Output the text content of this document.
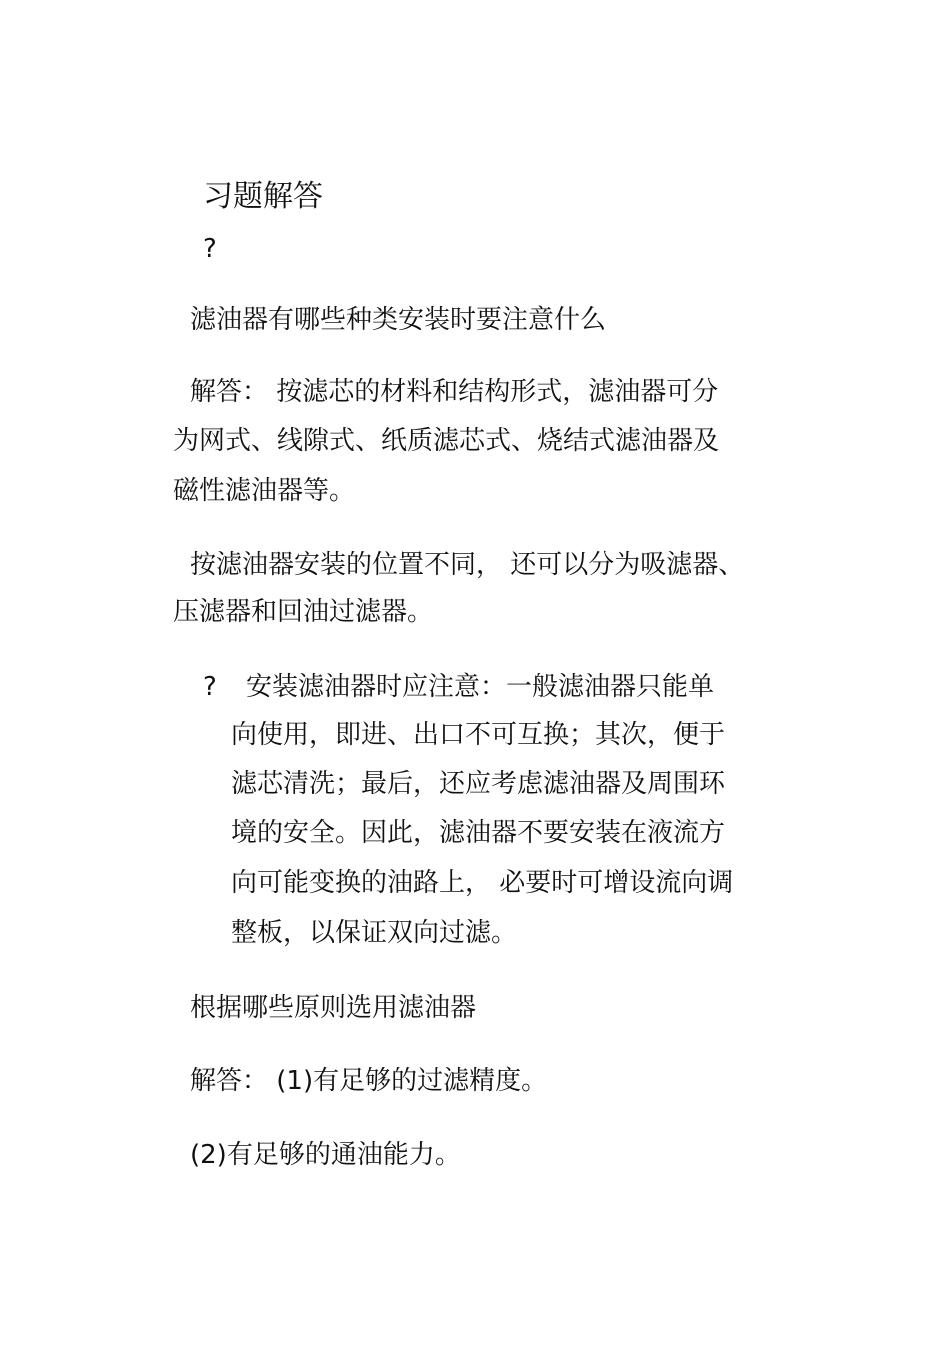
习题解答
?
滤油器有哪些种类安装时要注意什么
解答： 按滤芯的材料和结构形式，滤油器可分
为网式、线隙式、纸质滤芯式、烧结式滤油器及
磁性滤油器等。
按滤油器安装的位置不同， 还可以分为吸滤器、
压滤器和回油过滤器。
? 安装滤油器时应注意：一般滤油器只能单
向使用，即进、出口不可互换；其次，便于
滤芯清洗；最后，还应考虑滤油器及周围环
境的安全。因此，滤油器不要安装在液流方
向可能变换的油路上， 必要时可增设流向调
整板，以保证双向过滤。
根据哪些原则选用滤油器
解答： (1)有足够的过滤精度。
(2)有足够的通油能力。
